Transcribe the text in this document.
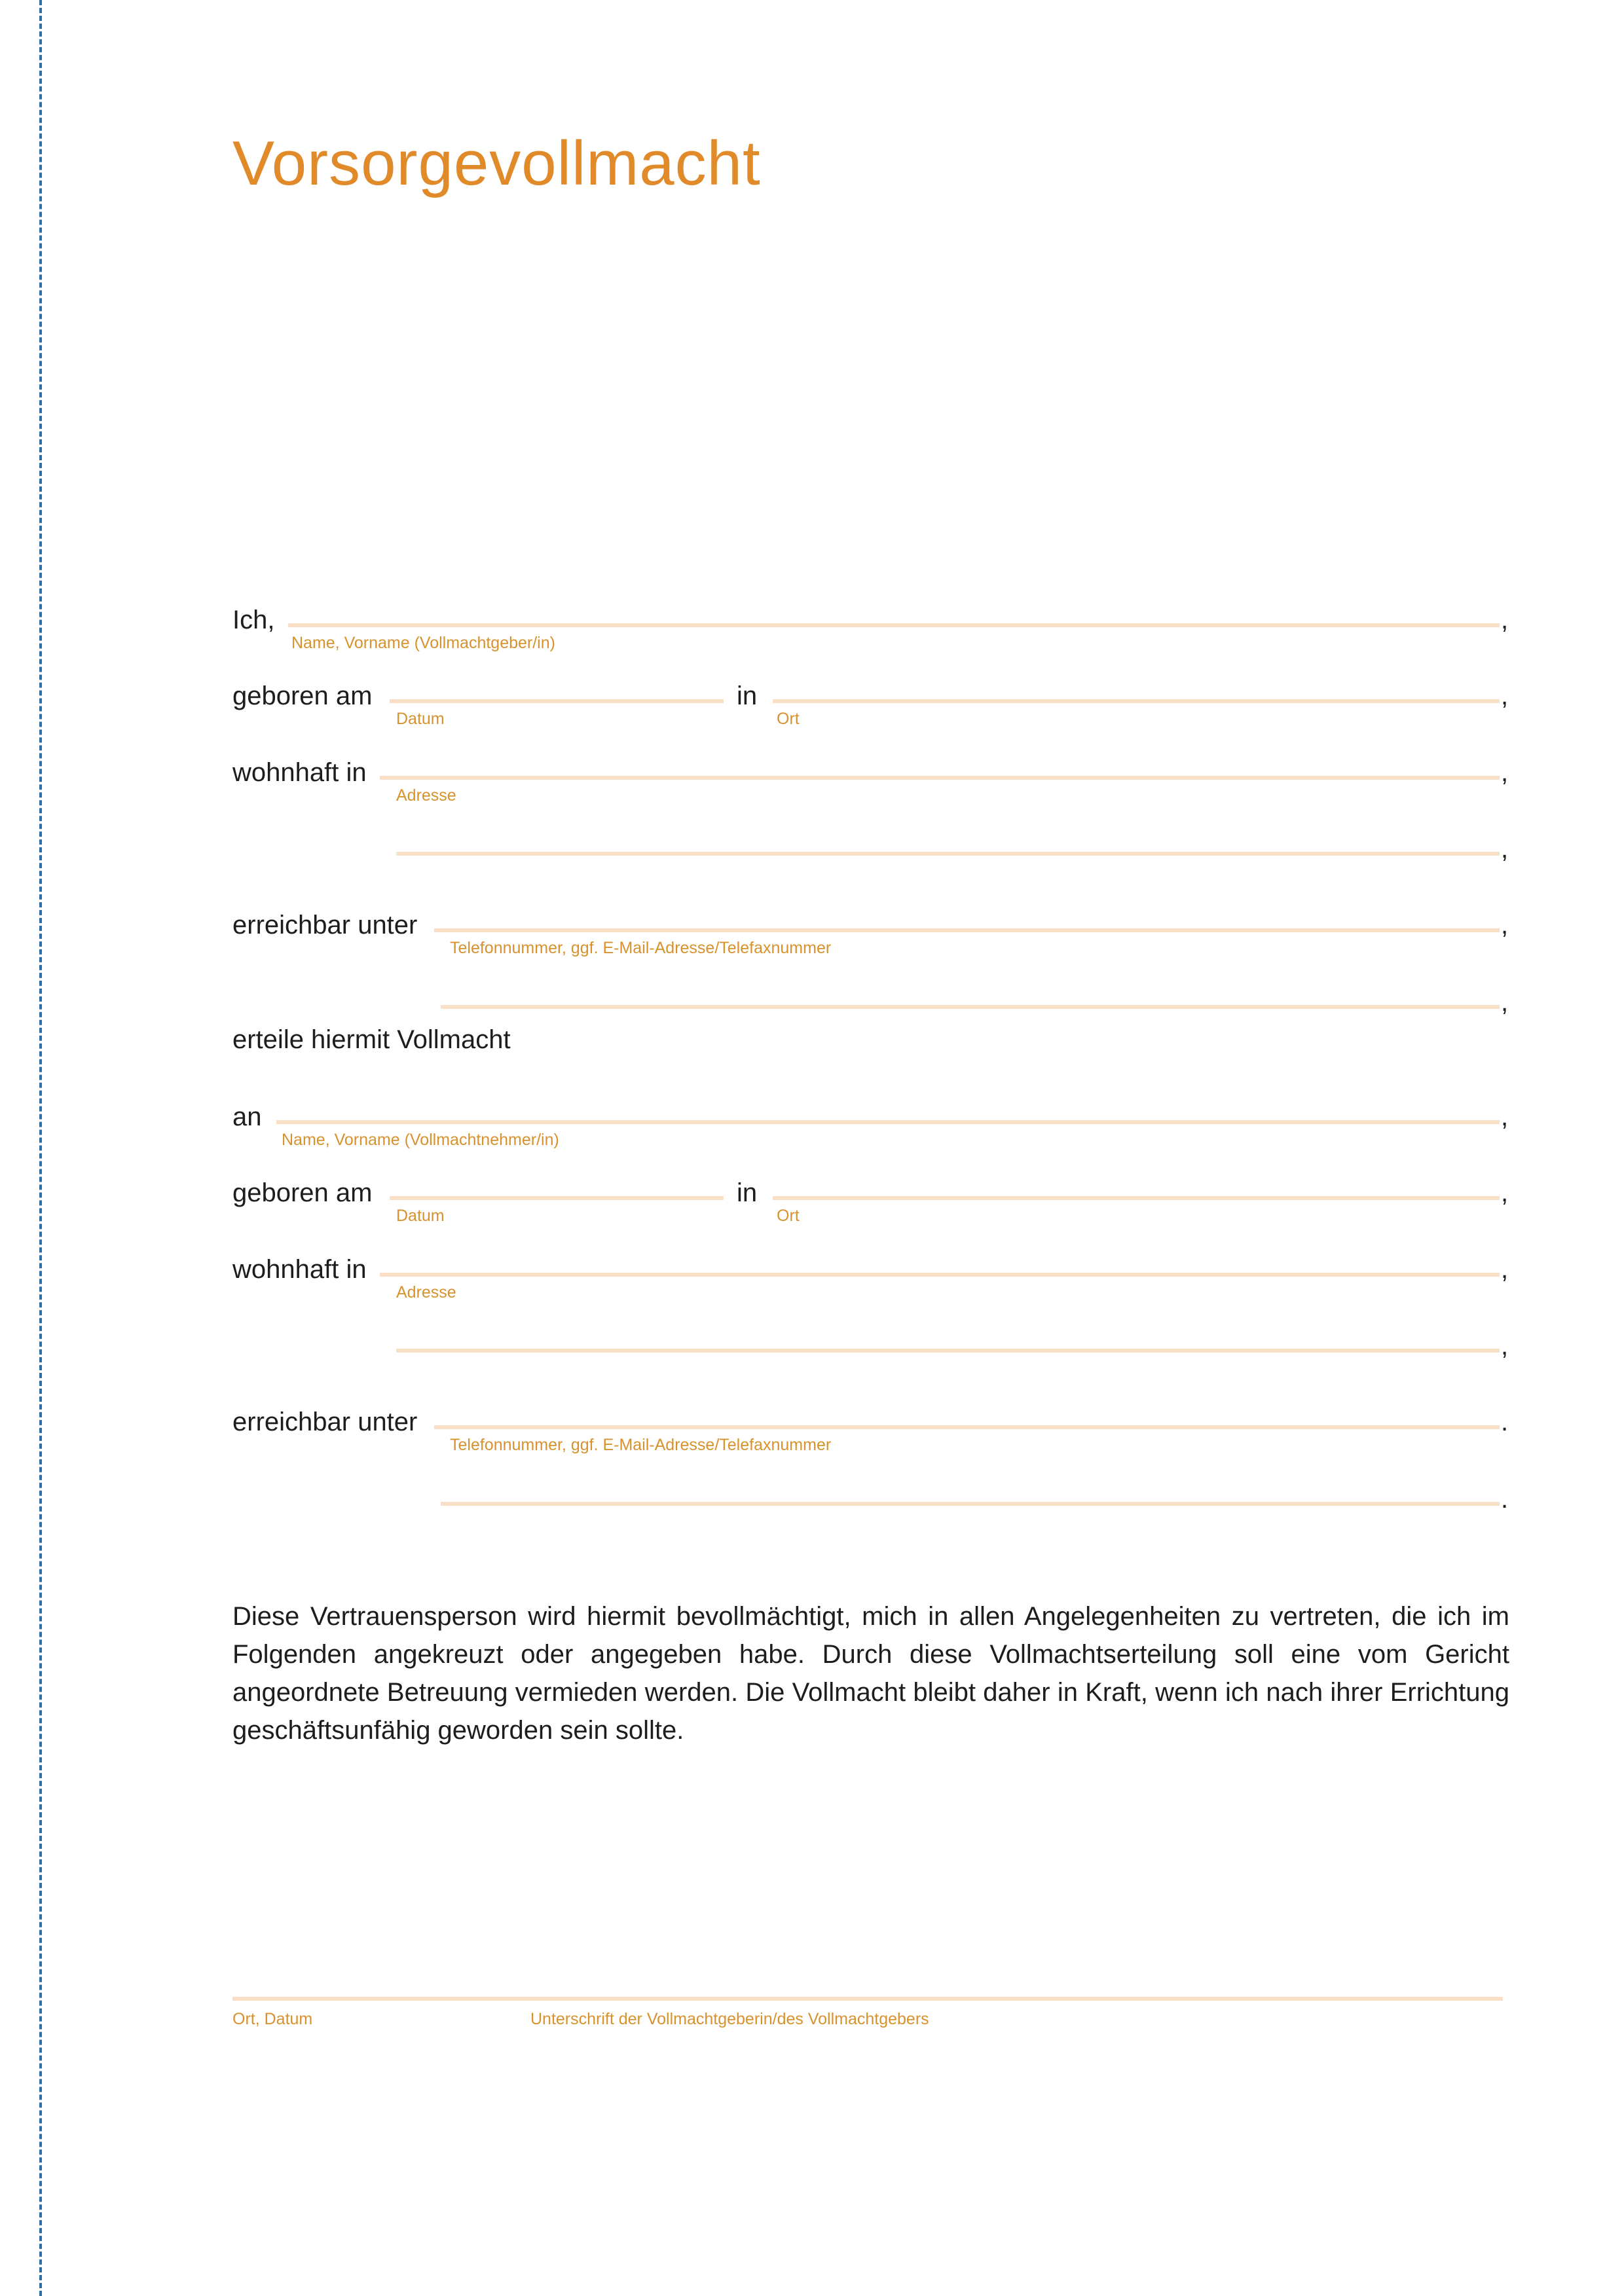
Vorsorgevollmacht
Ich,
Name, Vorname (Vollmachtgeber/in)
,
geboren am
Datum
in
Ort
,
wohnhaft in
Adresse
,
,
erreichbar unter
Telefonnummer, ggf. E-Mail-Adresse/Telefaxnummer
,
,
erteile hiermit Vollmacht
an
Name, Vorname (Vollmachtnehmer/in)
,
geboren am
Datum
in
Ort
,
wohnhaft in
Adresse
,
,
erreichbar unter
Telefonnummer, ggf. E-Mail-Adresse/Telefaxnummer
.
.
Diese Vertrauensperson wird hiermit bevollmächtigt, mich in allen Angelegenheiten zu vertreten, die ich im Folgenden angekreuzt oder angegeben habe. Durch diese Vollmachtserteilung soll eine vom Gericht angeordnete Betreuung vermieden werden. Die Vollmacht bleibt daher in Kraft, wenn ich nach ihrer Errichtung geschäftsunfähig geworden sein sollte.
Ort, Datum	Unterschrift der Vollmachtgeberin/des Vollmachtgebers
